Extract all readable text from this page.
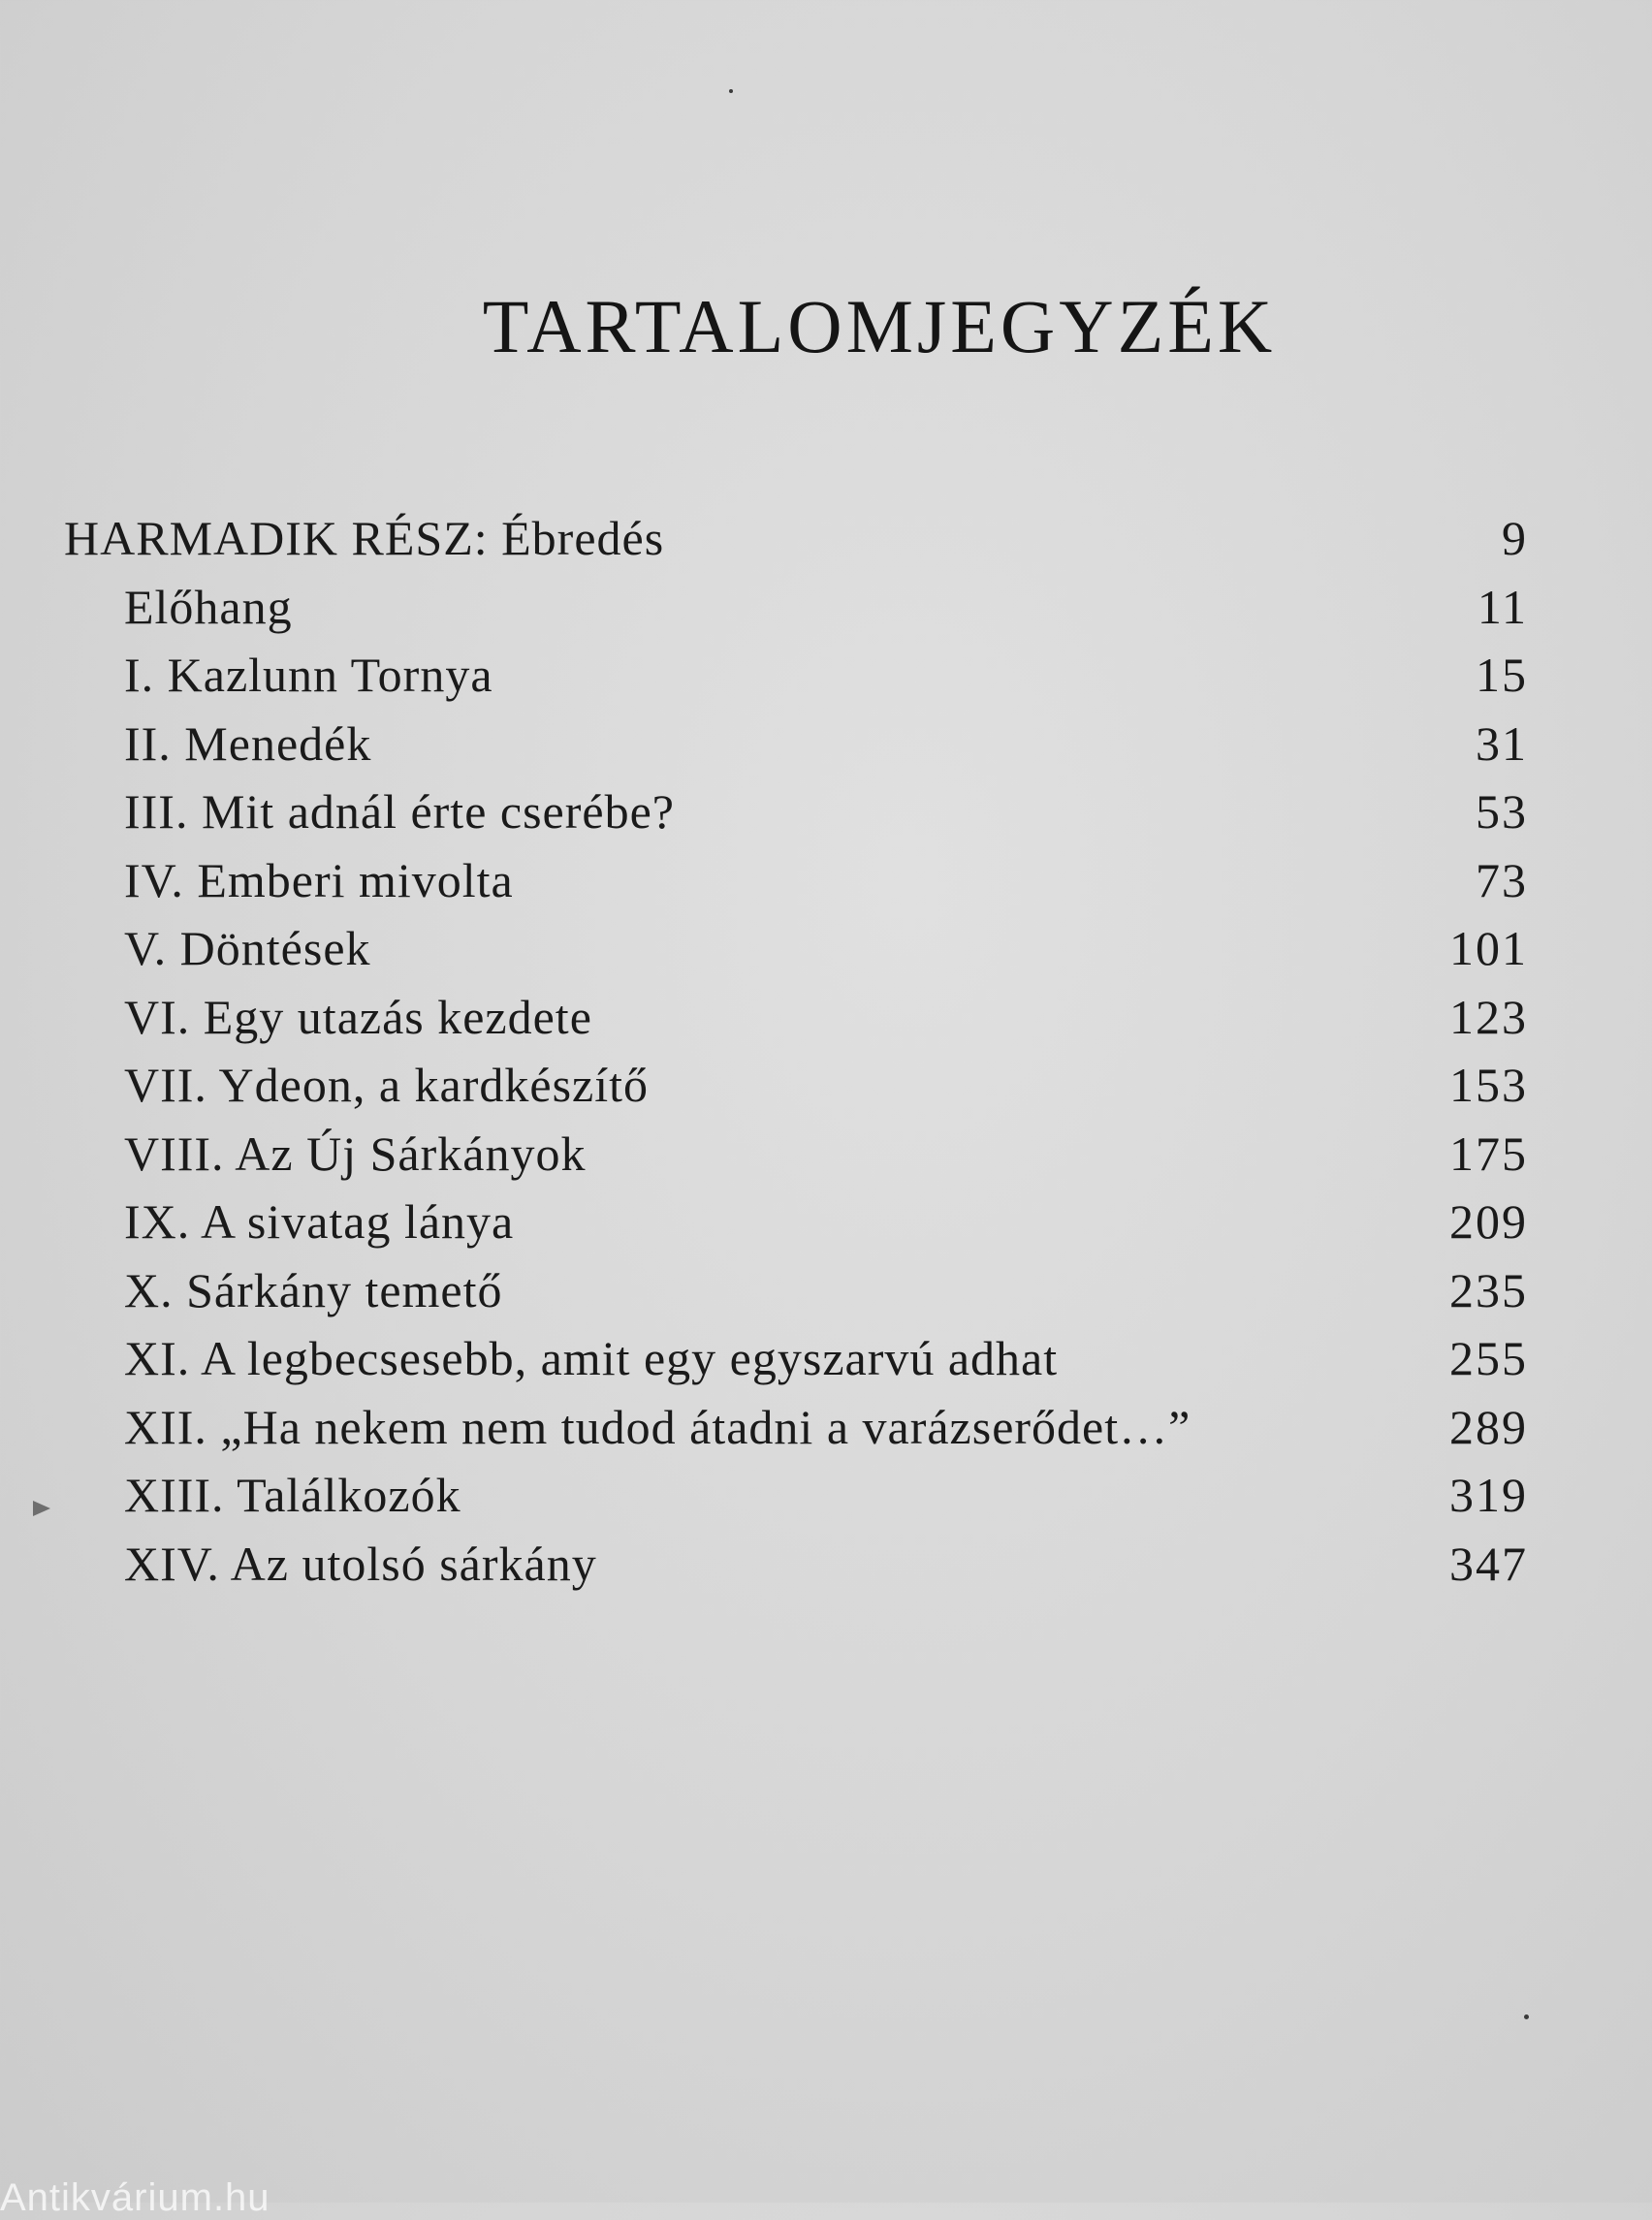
TARTALOMJEGYZÉK
HARMADIK RÉSZ: Ébredés	9
Előhang	11
I. Kazlunn Tornya	15
II. Menedék	31
III. Mit adnál érte cserébe?	53
IV. Emberi mivolta	73
V. Döntések	101
VI. Egy utazás kezdete	123
VII. Ydeon, a kardkészítő	153
VIII. Az Új Sárkányok	175
IX. A sivatag lánya	209
X. Sárkány temető	235
XI. A legbecsesebb, amit egy egyszarvú adhat	255
XII. „Ha nekem nem tudod átadni a varázserődet…”	289
XIII. Találkozók	319
XIV. Az utolsó sárkány	347
Antikvárium.hu
